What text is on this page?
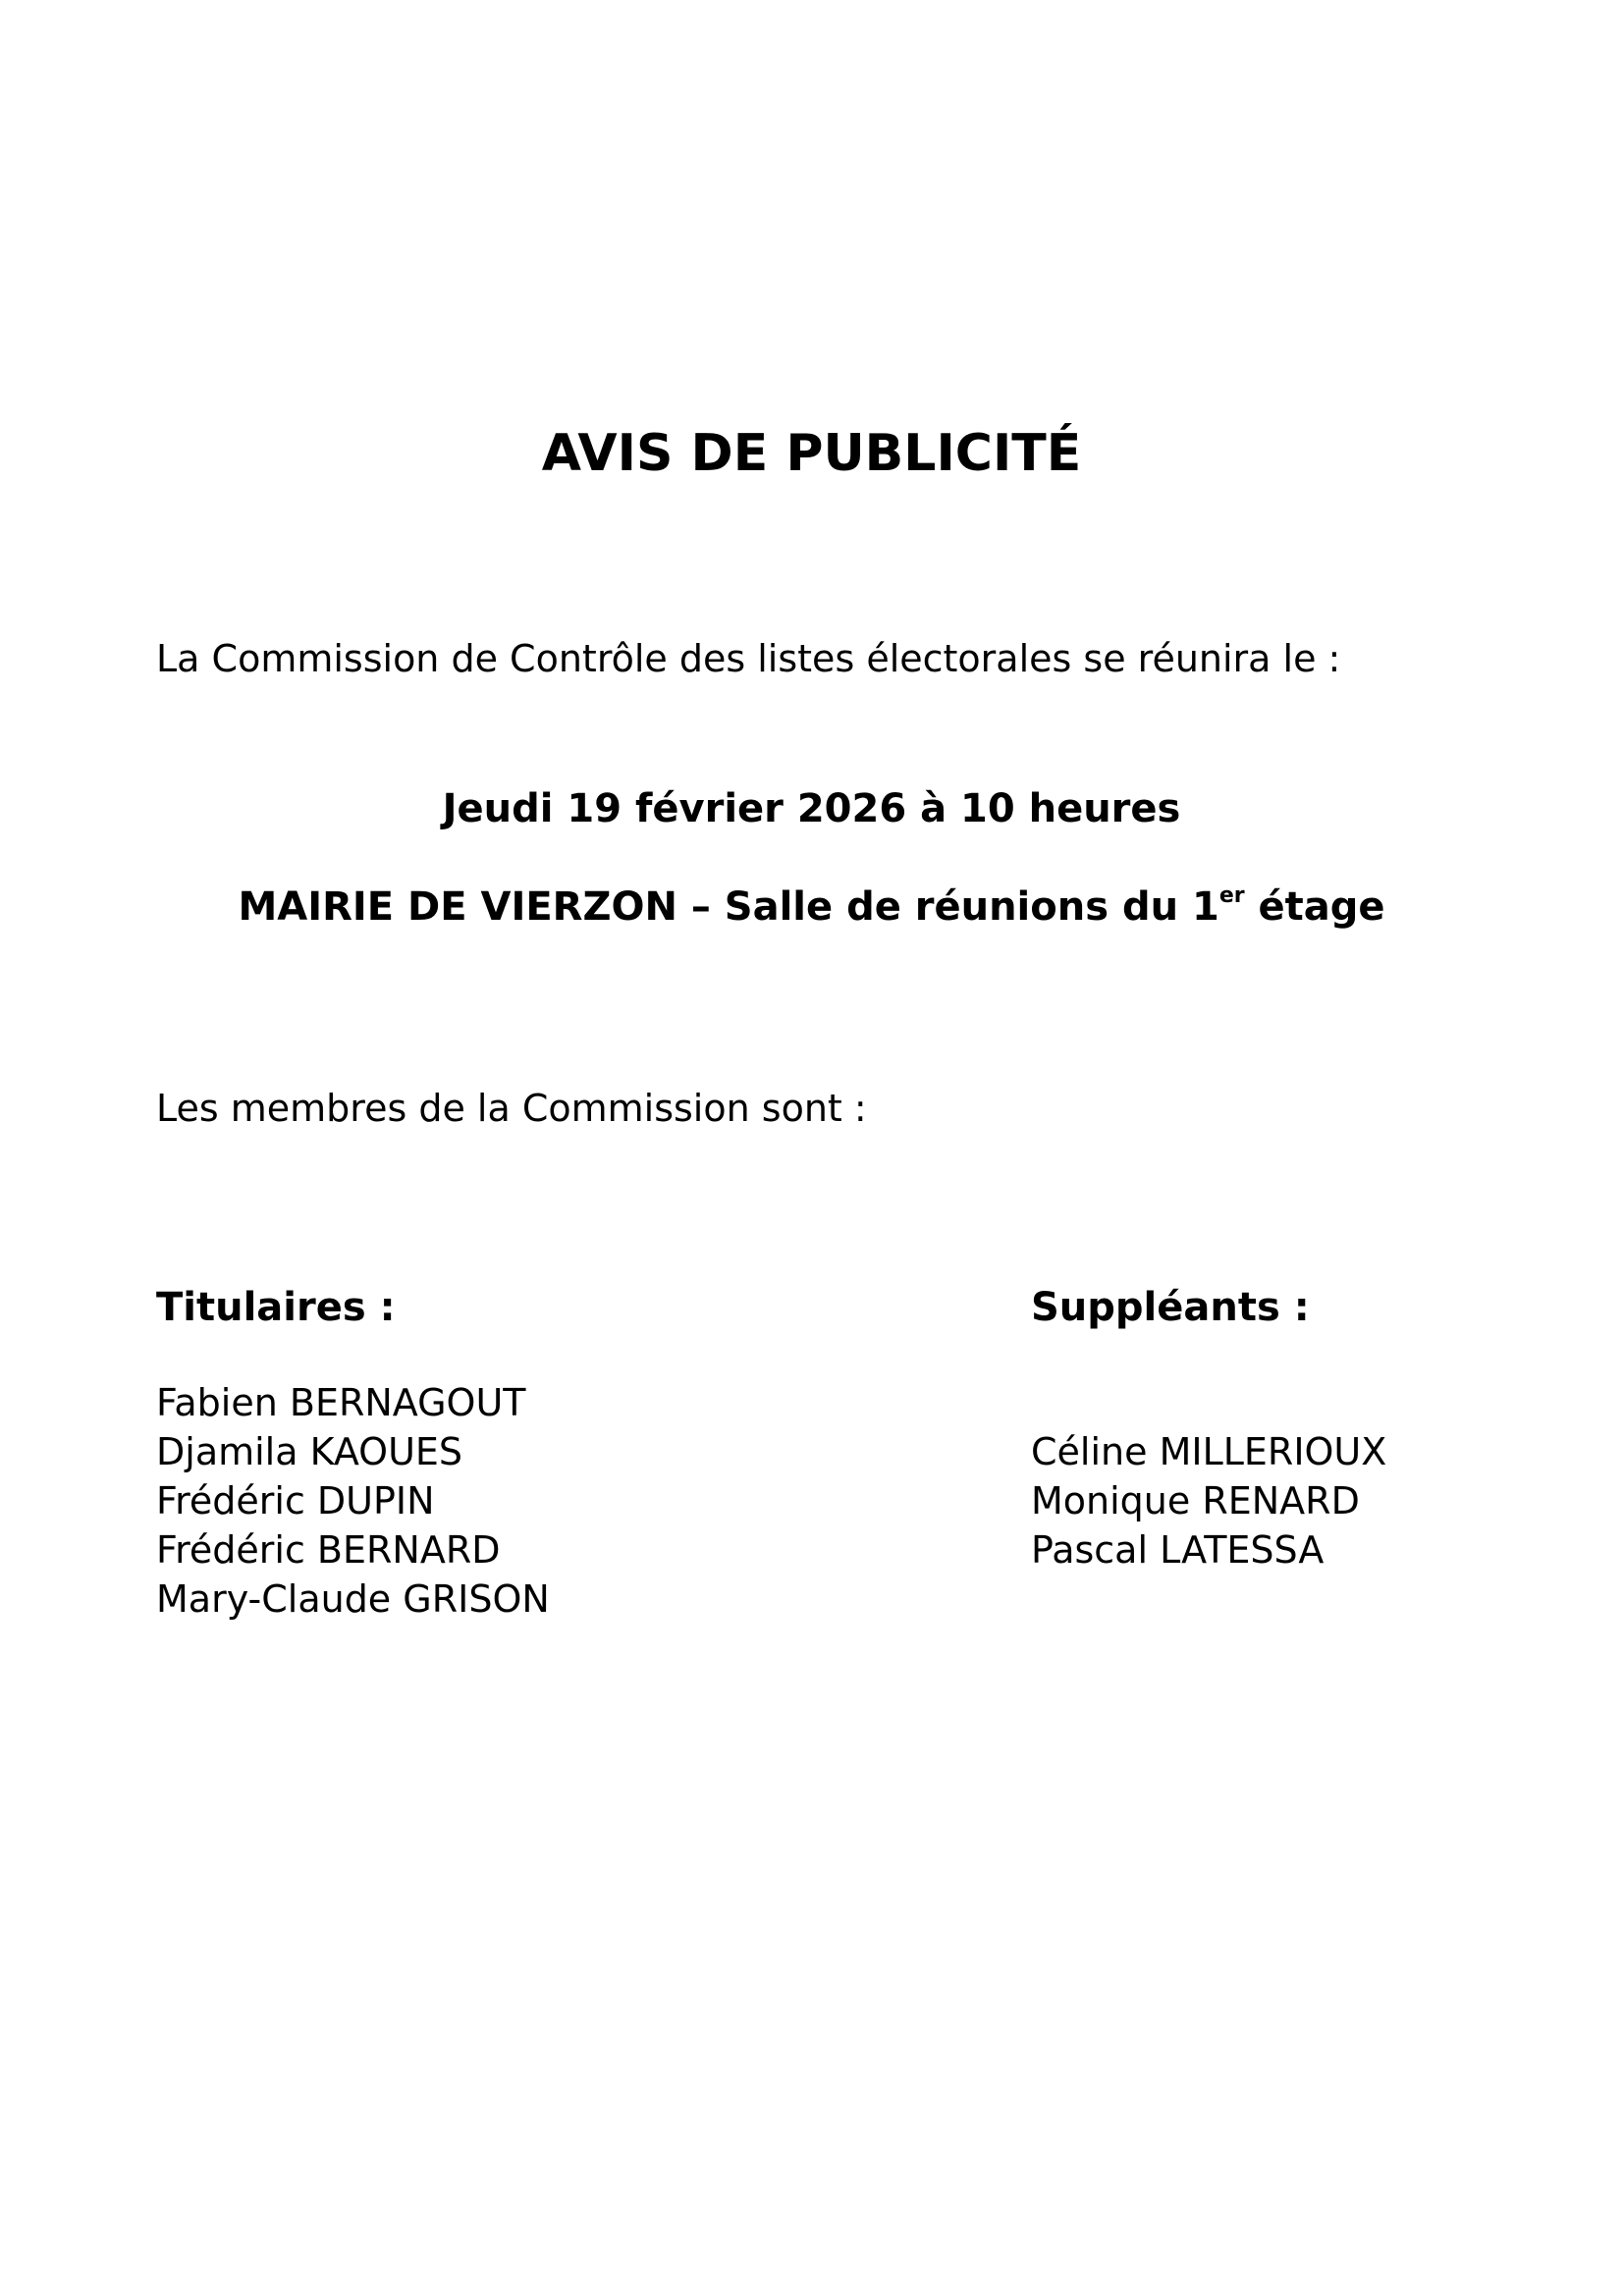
AVIS DE PUBLICITÉ
La Commission de Contrôle des listes électorales se réunira le :
Jeudi 19 février 2026 à 10 heures
MAIRIE DE VIERZON – Salle de réunions du 1er étage
Les membres de la Commission sont :
Titulaires :
Fabien BERNAGOUT
Djamila KAOUES
Frédéric DUPIN
Frédéric BERNARD
Mary-Claude GRISON
Suppléants :
Céline MILLERIOUX
Monique RENARD
Pascal LATESSA
